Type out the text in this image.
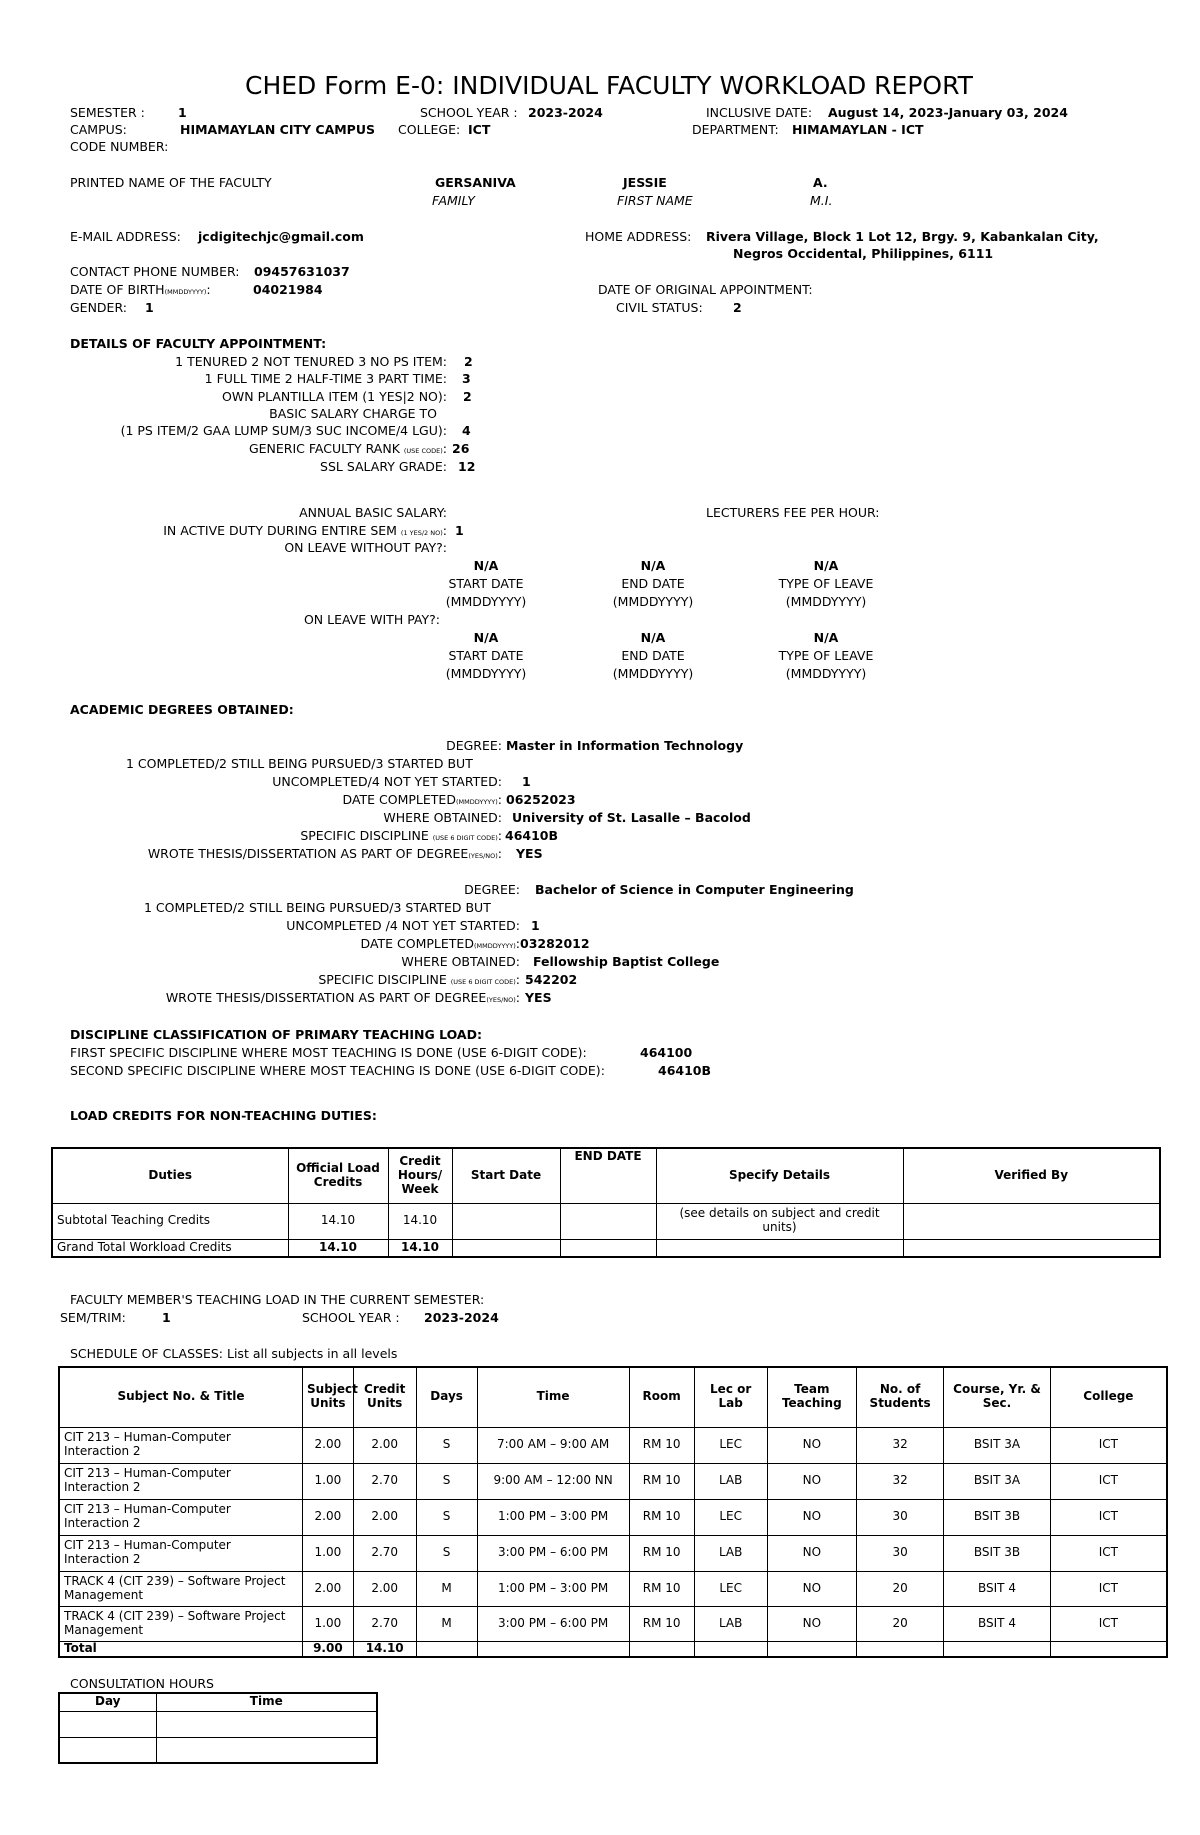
CHED Form E-0: INDIVIDUAL FACULTY WORKLOAD REPORT
SEMESTER :	1	SCHOOL YEAR : 2023-2024	INCLUSIVE DATE: August 14, 2023-January 03, 2024
CAMPUS:	HIMAMAYLAN CITY CAMPUS COLLEGE: ICT	DEPARTMENT: HIMAMAYLAN - ICT
CODE NUMBER:
PRINTED NAME OF THE FACULTY	GERSANIVA	JESSIE	A.
FAMILY	FIRST NAME	M.I.
E-MAIL ADDRESS: jcdigitechjc@gmail.com	HOME ADDRESS: Rivera Village, Block 1 Lot 12, Brgy. 9, Kabankalan City,
Negros Occidental, Philippines, 6111
CONTACT PHONE NUMBER: 09457631037
DATE OF BIRTH(MMDDYYYY):	04021984	DATE OF ORIGINAL APPOINTMENT:
GENDER: 1	CIVIL STATUS: 2
DETAILS OF FACULTY APPOINTMENT:
1 TENURED 2 NOT TENURED 3 NO PS ITEM: 2
1 FULL TIME 2 HALF-TIME 3 PART TIME: 3
OWN PLANTILLA ITEM (1 YES|2 NO): 2
BASIC SALARY CHARGE TO
(1 PS ITEM/2 GAA LUMP SUM/3 SUC INCOME/4 LGU): 4
GENERIC FACULTY RANK (USE CODE): 26
SSL SALARY GRADE: 12
ANNUAL BASIC SALARY:	LECTURERS FEE PER HOUR:
IN ACTIVE DUTY DURING ENTIRE SEM (1 YES/2 NO): 1
ON LEAVE WITHOUT PAY?:
N/A	N/A	N/A
START DATE	END DATE	TYPE OF LEAVE
(MMDDYYYY)	(MMDDYYYY)	(MMDDYYYY)
ON LEAVE WITH PAY?:
N/A	N/A	N/A
START DATE	END DATE	TYPE OF LEAVE
(MMDDYYYY)	(MMDDYYYY)	(MMDDYYYY)
ACADEMIC DEGREES OBTAINED:
DEGREE: Master in Information Technology
1 COMPLETED/2 STILL BEING PURSUED/3 STARTED BUT
UNCOMPLETED/4 NOT YET STARTED: 1
DATE COMPLETED(MMDDYYYY): 06252023
WHERE OBTAINED: University of St. Lasalle – Bacolod
SPECIFIC DISCIPLINE (USE 6 DIGIT CODE): 46410B
WROTE THESIS/DISSERTATION AS PART OF DEGREE(YES/NO): YES
DEGREE: Bachelor of Science in Computer Engineering
1 COMPLETED/2 STILL BEING PURSUED/3 STARTED BUT
UNCOMPLETED /4 NOT YET STARTED: 1
DATE COMPLETED(MMDDYYYY): 03282012
WHERE OBTAINED: Fellowship Baptist College
SPECIFIC DISCIPLINE (USE 6 DIGIT CODE): 542202
WROTE THESIS/DISSERTATION AS PART OF DEGREE(YES/NO): YES
DISCIPLINE CLASSIFICATION OF PRIMARY TEACHING LOAD:
FIRST SPECIFIC DISCIPLINE WHERE MOST TEACHING IS DONE (USE 6-DIGIT CODE):	464100
SECOND SPECIFIC DISCIPLINE WHERE MOST TEACHING IS DONE (USE 6-DIGIT CODE):	46410B
LOAD CREDITS FOR NON-TEACHING DUTIES:
Duties	Official Load Credits	Credit Hours/ Week	Start Date	END DATE	Specify Details	Verified By
Subtotal Teaching Credits	14.10	14.10			(see details on subject and credit units)	
Grand Total Workload Credits	14.10	14.10				
FACULTY MEMBER'S TEACHING LOAD IN THE CURRENT SEMESTER:
SEM/TRIM:	1	SCHOOL YEAR : 2023-2024
SCHEDULE OF CLASSES: List all subjects in all levels
Subject No. & Title	Subject Units	Credit Units	Days	Time	Room	Lec or Lab	Team Teaching	No. of Students	Course, Yr. & Sec.	College
CIT 213 – Human-Computer Interaction 2	2.00	2.00	S	7:00 AM – 9:00 AM	RM 10	LEC	NO	32	BSIT 3A	ICT
CIT 213 – Human-Computer Interaction 2	1.00	2.70	S	9:00 AM – 12:00 NN	RM 10	LAB	NO	32	BSIT 3A	ICT
CIT 213 – Human-Computer Interaction 2	2.00	2.00	S	1:00 PM – 3:00 PM	RM 10	LEC	NO	30	BSIT 3B	ICT
CIT 213 – Human-Computer Interaction 2	1.00	2.70	S	3:00 PM – 6:00 PM	RM 10	LAB	NO	30	BSIT 3B	ICT
TRACK 4 (CIT 239) – Software Project Management	2.00	2.00	M	1:00 PM – 3:00 PM	RM 10	LEC	NO	20	BSIT 4	ICT
TRACK 4 (CIT 239) – Software Project Management	1.00	2.70	M	3:00 PM – 6:00 PM	RM 10	LAB	NO	20	BSIT 4	ICT
Total	9.00	14.10								
CONSULTATION HOURS
Day	Time
